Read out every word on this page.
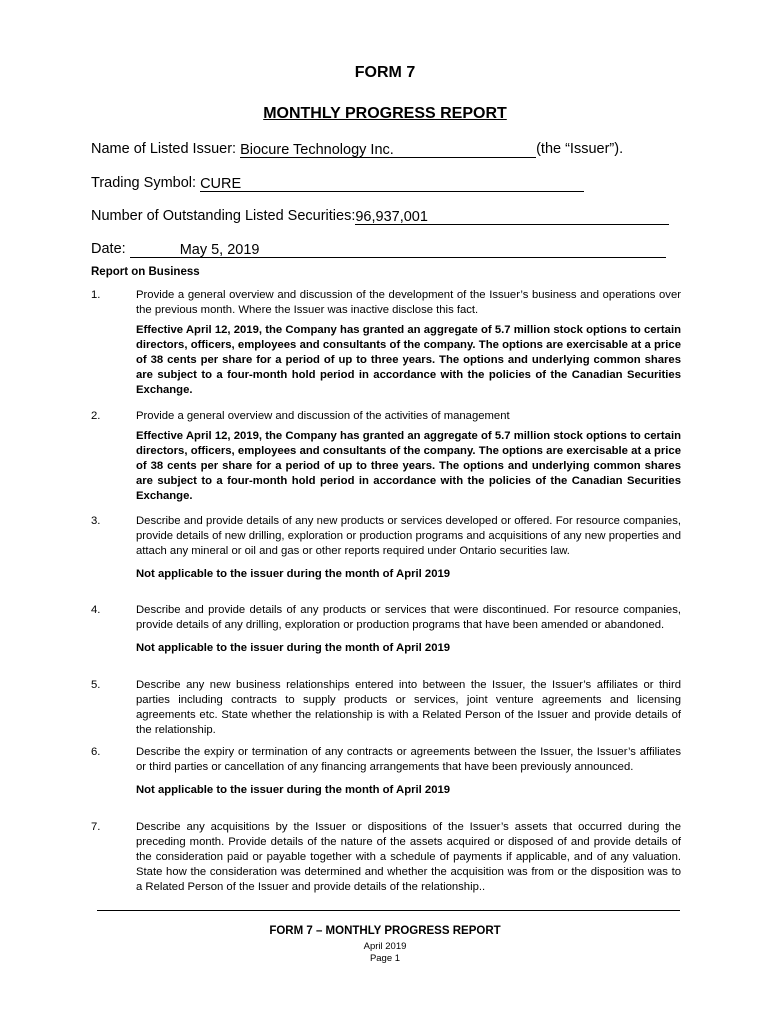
FORM 7
MONTHLY PROGRESS REPORT
Name of Listed Issuer: Biocure Technology Inc.	(the “Issuer”).
Trading Symbol: CURE
Number of Outstanding Listed Securities:96,937,001
Date:	May 5, 2019
Report on Business
1.	Provide a general overview and discussion of the development of the Issuer’s business and operations over the previous month. Where the Issuer was inactive disclose this fact.
Effective April 12, 2019, the Company has granted an aggregate of 5.7 million stock options to certain directors, officers, employees and consultants of the company. The options are exercisable at a price of 38 cents per share for a period of up to three years. The options and underlying common shares are subject to a four-month hold period in accordance with the policies of the Canadian Securities Exchange.
2.	Provide a general overview and discussion of the activities of management
Effective April 12, 2019, the Company has granted an aggregate of 5.7 million stock options to certain directors, officers, employees and consultants of the company. The options are exercisable at a price of 38 cents per share for a period of up to three years. The options and underlying common shares are subject to a four-month hold period in accordance with the policies of the Canadian Securities Exchange.
3.	Describe and provide details of any new products or services developed or offered. For resource companies, provide details of new drilling, exploration or production programs and acquisitions of any new properties and attach any mineral or oil and gas or other reports required under Ontario securities law.
Not applicable to the issuer during the month of April 2019
4.	Describe and provide details of any products or services that were discontinued. For resource companies, provide details of any drilling, exploration or production programs that have been amended or abandoned.
Not applicable to the issuer during the month of April 2019
5.	Describe any new business relationships entered into between the Issuer, the Issuer’s affiliates or third parties including contracts to supply products or services, joint venture agreements and licensing agreements etc. State whether the relationship is with a Related Person of the Issuer and provide details of the relationship.
6.	Describe the expiry or termination of any contracts or agreements between the Issuer, the Issuer’s affiliates or third parties or cancellation of any financing arrangements that have been previously announced.
Not applicable to the issuer during the month of April 2019
7.	Describe any acquisitions by the Issuer or dispositions of the Issuer’s assets that occurred during the preceding month. Provide details of the nature of the assets acquired or disposed of and provide details of the consideration paid or payable together with a schedule of payments if applicable, and of any valuation. State how the consideration was determined and whether the acquisition was from or the disposition was to a Related Person of the Issuer and provide details of the relationship..
FORM 7 – MONTHLY PROGRESS REPORT
April 2019
Page 1
